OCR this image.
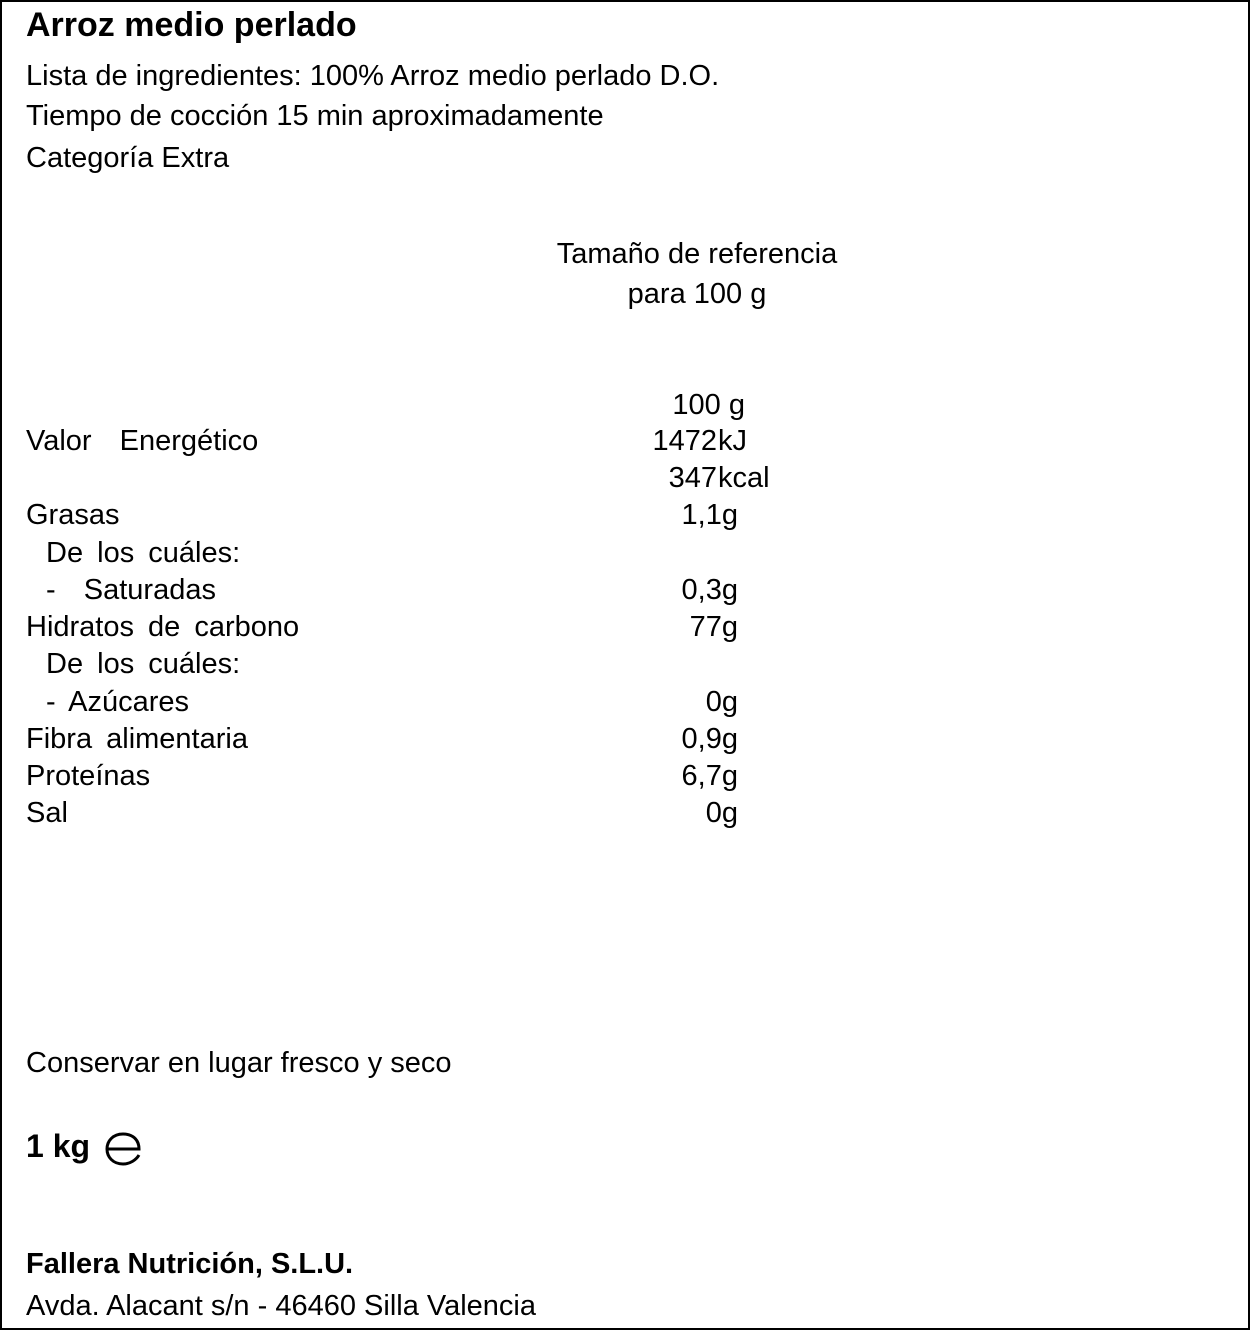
Arroz medio perlado
Lista de ingredientes: 100% Arroz medio perlado D.O.
Tiempo de cocción 15 min aproximadamente
Categoría Extra
Tamaño de referencia
para 100 g
100 g
Valor  Energético	1472 kJ
347 kcal
Grasas	1,1g
De los cuáles:
-  Saturadas	0,3g
Hidratos de carbono	77g
De los cuáles:
- Azúcares	0g
Fibra alimentaria	0,9g
Proteínas	6,7g
Sal	0g
Conservar en lugar fresco y seco
1 kg
Fallera Nutrición, S.L.U.
Avda. Alacant s/n - 46460 Silla Valencia
